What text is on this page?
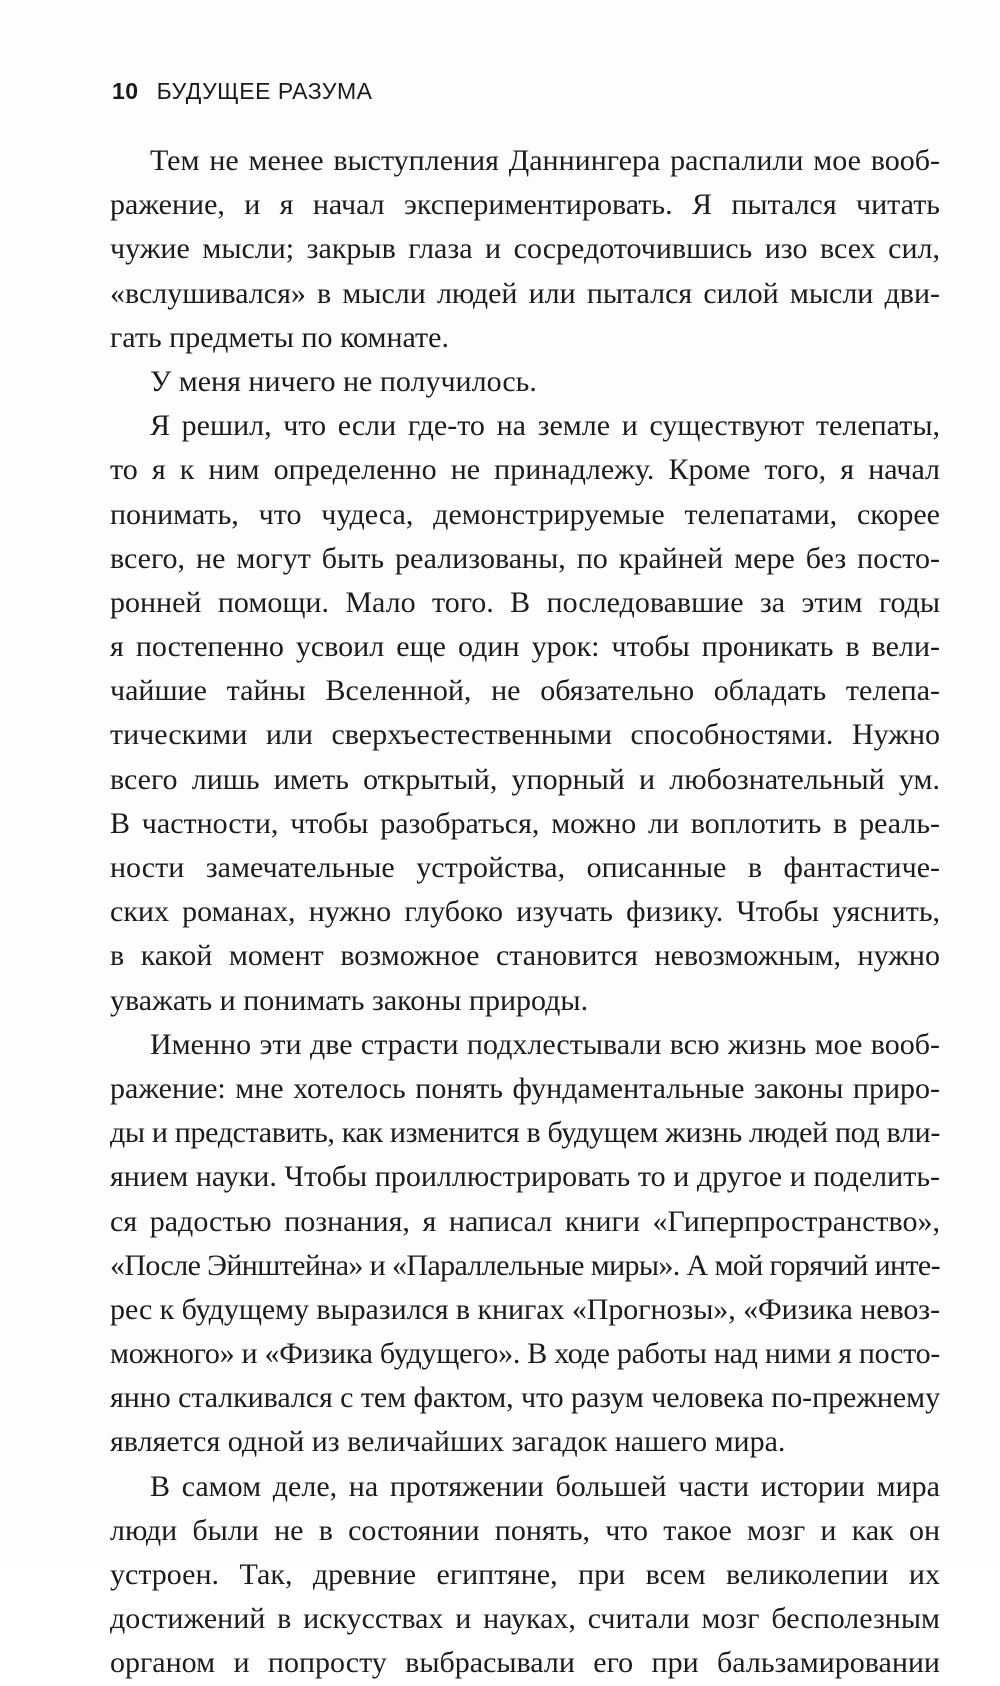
10 БУДУЩЕЕ РАЗУМА
Тем не менее выступления Даннингера распалили мое вооб-
ражение, и я начал экспериментировать. Я пытался читать
чужие мысли; закрыв глаза и сосредоточившись изо всех сил,
«вслушивался» в мысли людей или пытался силой мысли дви-
гать предметы по комнате.
У меня ничего не получилось.
Я решил, что если где-то на земле и существуют телепаты,
то я к ним определенно не принадлежу. Кроме того, я начал
понимать, что чудеса, демонстрируемые телепатами, скорее
всего, не могут быть реализованы, по крайней мере без посто-
ронней помощи. Мало того. В последовавшие за этим годы
я постепенно усвоил еще один урок: чтобы проникать в вели-
чайшие тайны Вселенной, не обязательно обладать телепа-
тическими или сверхъестественными способностями. Нужно
всего лишь иметь открытый, упорный и любознательный ум.
В частности, чтобы разобраться, можно ли воплотить в реаль-
ности замечательные устройства, описанные в фантастиче-
ских романах, нужно глубоко изучать физику. Чтобы уяснить,
в какой момент возможное становится невозможным, нужно
уважать и понимать законы природы.
Именно эти две страсти подхлестывали всю жизнь мое вооб-
ражение: мне хотелось понять фундаментальные законы приро-
ды и представить, как изменится в будущем жизнь людей под вли-
янием науки. Чтобы проиллюстрировать то и другое и поделить-
ся радостью познания, я написал книги «Гиперпространство»,
«После Эйнштейна» и «Параллельные миры». А мой горячий инте-
рес к будущему выразился в книгах «Прогнозы», «Физика невоз-
можного» и «Физика будущего». В ходе работы над ними я посто-
янно сталкивался с тем фактом, что разум человека по-прежнему
является одной из величайших загадок нашего мира.
В самом деле, на протяжении большей части истории мира
люди были не в состоянии понять, что такое мозг и как он
устроен. Так, древние египтяне, при всем великолепии их
достижений в искусствах и науках, считали мозг бесполезным
органом и попросту выбрасывали его при бальзамировании
